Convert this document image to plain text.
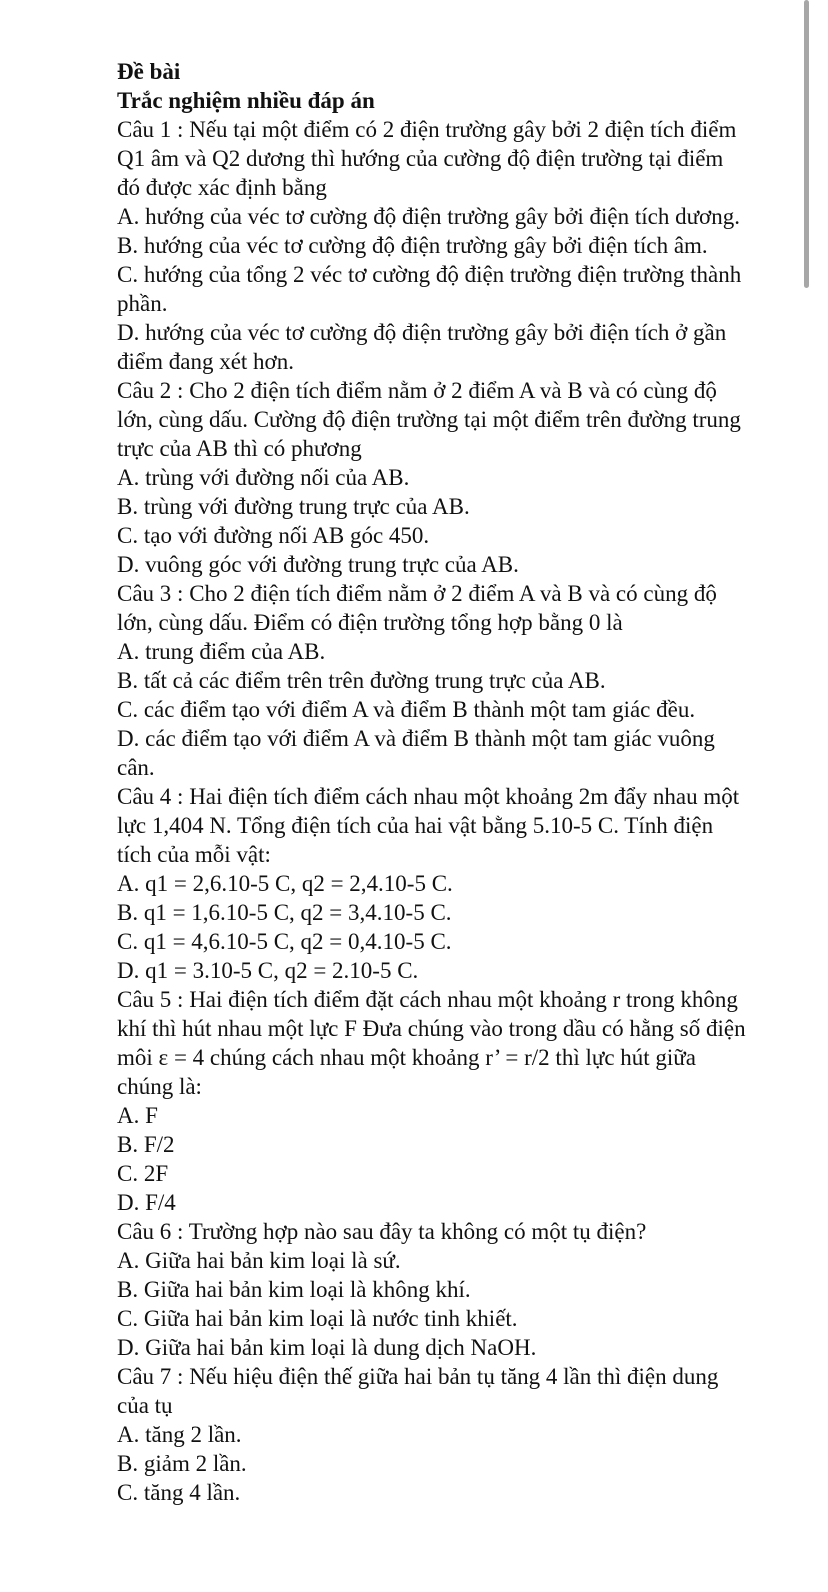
Đề bài
Trắc nghiệm nhiều đáp án

Câu 1 : Nếu tại một điểm có 2 điện trường gây bởi 2 điện tích điểm Q1 âm và Q2 dương thì hướng của cường độ điện trường tại điểm đó được xác định bằng

A. hướng của véc tơ cường độ điện trường gây bởi điện tích dương.

B. hướng của véc tơ cường độ điện trường gây bởi điện tích âm.

C. hướng của tổng 2 véc tơ cường độ điện trường điện trường thành phần.

D. hướng của véc tơ cường độ điện trường gây bởi điện tích ở gần điểm đang xét hơn.

Câu 2 : Cho 2 điện tích điểm nằm ở 2 điểm A và B và có cùng độ lớn, cùng dấu. Cường độ điện trường tại một điểm trên đường trung trực của AB thì có phương

A. trùng với đường nối của AB.

B. trùng với đường trung trực của AB.

C. tạo với đường nối AB góc 450.

D. vuông góc với đường trung trực của AB.

Câu 3 : Cho 2 điện tích điểm nằm ở 2 điểm A và B và có cùng độ lớn, cùng dấu. Điểm có điện trường tổng hợp bằng 0 là

A. trung điểm của AB.

B. tất cả các điểm trên trên đường trung trực của AB.

C. các điểm tạo với điểm A và điểm B thành một tam giác đều.

D. các điểm tạo với điểm A và điểm B thành một tam giác vuông cân.

Câu 4 : Hai điện tích điểm cách nhau một khoảng 2m đẩy nhau một lực 1,404 N. Tổng điện tích của hai vật bằng 5.10-5 C. Tính điện tích của mỗi vật:

A. q1 = 2,6.10-5 C, q2 = 2,4.10-5 C.

B. q1 = 1,6.10-5 C, q2 = 3,4.10-5 C.

C. q1 = 4,6.10-5 C, q2 = 0,4.10-5 C.

D. q1 = 3.10-5 C, q2 = 2.10-5 C.

Câu 5 : Hai điện tích điểm đặt cách nhau một khoảng r trong không khí thì hút nhau một lực F Đưa chúng vào trong dầu có hằng số điện môi ε = 4 chúng cách nhau một khoảng r’ = r/2 thì lực hút giữa chúng là:

A. F

B. F/2

C. 2F

D. F/4

Câu 6 : Trường hợp nào sau đây ta không có một tụ điện?

A. Giữa hai bản kim loại là sứ.

B. Giữa hai bản kim loại là không khí.

C. Giữa hai bản kim loại là nước tinh khiết.

D. Giữa hai bản kim loại là dung dịch NaOH.

Câu 7 : Nếu hiệu điện thế giữa hai bản tụ tăng 4 lần thì điện dung của tụ

A. tăng 2 lần.

B. giảm 2 lần.

C. tăng 4 lần.
